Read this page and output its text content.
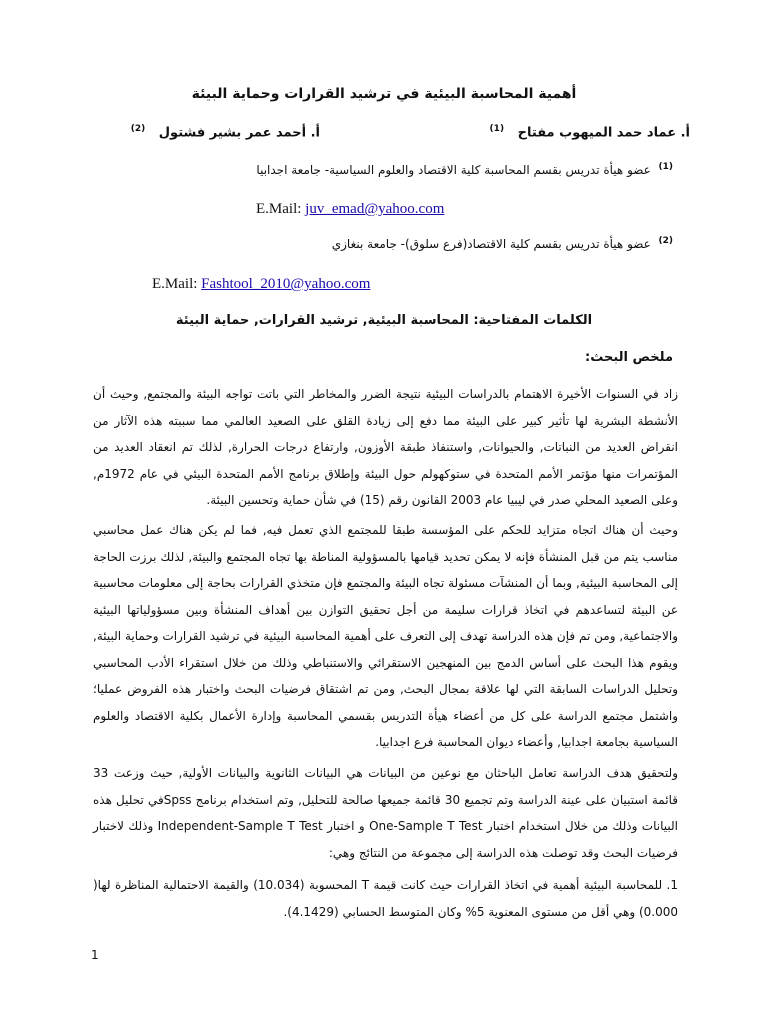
أهمية المحاسبة البيئية في ترشيد القرارات وحماية البيئة
أ. عماد حمد الميهوب مفتاح   $^{(1)}$
أ. أحمد عمر بشير فشتول   $^{(2)}$
$^{(1)}$  عضو هيأة تدريس بقسم المحاسبة كلية الاقتصاد والعلوم السياسية- جامعة اجدابيا
E.Mail: juv_emad@yahoo.com
$^{(2)}$  عضو هيأة تدريس بقسم كلية الاقتصاد(فرع سلوق)- جامعة بنغازي
E.Mail: Fashtool_2010@yahoo.com
الكلمات المفتاحية: المحاسبة البيئية, ترشيد القرارات, حماية البيئة
ملخص البحث:
زاد في السنوات الأخيرة الاهتمام بالدراسات البيئية نتيجة الضرر والمخاطر التي باتت تواجه البيئة والمجتمع, وحيث أن الأنشطة البشرية لها تأثير كبير على البيئة مما دفع إلى زيادة القلق على الصعيد العالمي مما سببته هذه الآثار من انقراض العديد من النباتات, والحيوانات, واستنفاذ طبقة الأوزون, وارتفاع درجات الحرارة, لذلك تم انعقاد العديد من المؤتمرات منها مؤتمر الأمم المتحدة في ستوكهولم حول البيئة وإطلاق برنامج الأمم المتحدة البيئي في عام 1972م, وعلى الصعيد المحلي صدر في ليبيا عام 2003 القانون رقم (15) في شأن حماية وتحسين البيئة.
وحيث أن هناك اتجاه متزايد للحكم على المؤسسة طبقا للمجتمع الذي تعمل فيه, فما لم يكن هناك عمل محاسبي مناسب يتم من قبل المنشأة فإنه لا يمكن تحديد قيامها بالمسؤولية المناطة بها تجاه المجتمع والبيئة, لذلك برزت الحاجة إلى المحاسبة البيئية, وبما أن المنشآت مسئولة تجاه البيئة والمجتمع فإن متخذي القرارات بحاجة إلى معلومات محاسبية عن البيئة لتساعدهم في اتخاذ قرارات سليمة من أجل تحقيق التوازن بين أهداف المنشأة وبين مسؤولياتها البيئية والاجتماعية, ومن تم فإن هذه الدراسة تهدف إلى التعرف على أهمية المحاسبة البيئية في ترشيد القرارات وحماية البيئة, ويقوم هذا البحث على أساس الدمج بين المنهجين الاستقرائي والاستنباطي وذلك من خلال استقراء الأدب المحاسبي وتحليل الدراسات السابقة التي لها علاقة بمجال البحث, ومن تم اشتقاق فرضيات البحث واختبار هذه الفروض عمليا؛ واشتمل مجتمع الدراسة على كل من أعضاء هيأة التدريس بقسمي المحاسبة وإدارة الأعمال بكلية الاقتصاد والعلوم السياسية بجامعة اجدابيا, وأعضاء ديوان المحاسبة فرع اجدابيا.
ولتحقيق هدف الدراسة تعامل الباحثان مع نوعين من البيانات هي البيانات الثانوية والبيانات الأولية, حيث وزعت 33 قائمة استبيان على عينة الدراسة وتم تجميع 30 قائمة جميعها صالحة للتحليل, وتم استخدام برنامج Spssفي تحليل هذه البيانات وذلك من خلال استخدام اختبار One-Sample T Test و اختبار Independent-Sample T Test وذلك لاختبار فرضيات البحث وقد توصلت هذه الدراسة إلى مجموعة من النتائج وهي:
1. للمحاسبة البيئية أهمية في اتخاذ القرارات حيث كانت قيمة T المحسوبة (10.034) والقيمة الاحتمالية المناظرة لها( 0.000) وهي أقل من مستوى المعنوية 5% وكان المتوسط الحسابي (4.1429).
1
